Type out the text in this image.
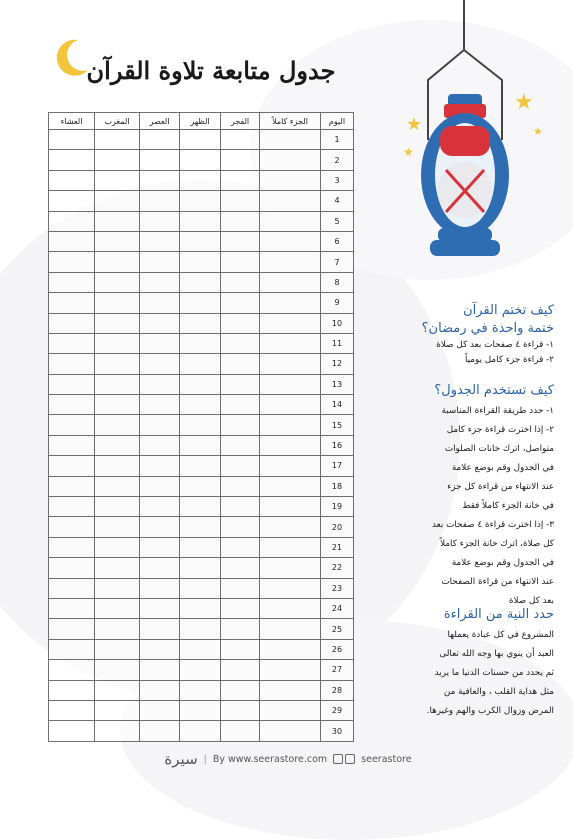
جدول متابعة تلاوة القرآن
اليوم	الجزء كاملاً	الفجر	الظهر	العصر	المغرب	العشاء
1						
2						
3						
4						
5						
6						
7						
8						
9						
10						
11						
12						
13						
14						
15						
16						
17						
18						
19						
20						
21						
22						
23						
24						
25						
26						
27						
28						
29						
30						
★
★
★
★
كيف تختم القرآن
ختمة واحدة في رمضان؟

١- قراءة ٤ صفحات بعد كل صلاة

٢- قراءة جزء كامل يومياً

كيف تستخدم الجدول؟

١- حدد طريقة القراءة المناسبة

٢- إذا اخترت قراءة جزء كامل

متواصل، اترك خانات الصلوات

في الجدول وقم بوضع علامة

عند الانتهاء من قراءة كل جزء

في خانة الجزء كاملاً فقط

٣- إذا اخترت قراءة ٤ صفحات بعد

كل صلاة، اترك خانة الجزء كاملاً

في الجدول وقم بوضع علامة

عند الانتهاء من قراءة الصفحات

بعد كل صلاة

حدد النية من القراءة

المشروع في كل عبادة يعملها

العبد أن ينوي بها وجه الله تعالى

ثم يحدد من حسنات الدنيا ما يريد

مثل هداية القلب ، والعافية من

المرض وزوال الكرب والهم وغيرها.

سيرة | By www.seerastore.com	seerastore
